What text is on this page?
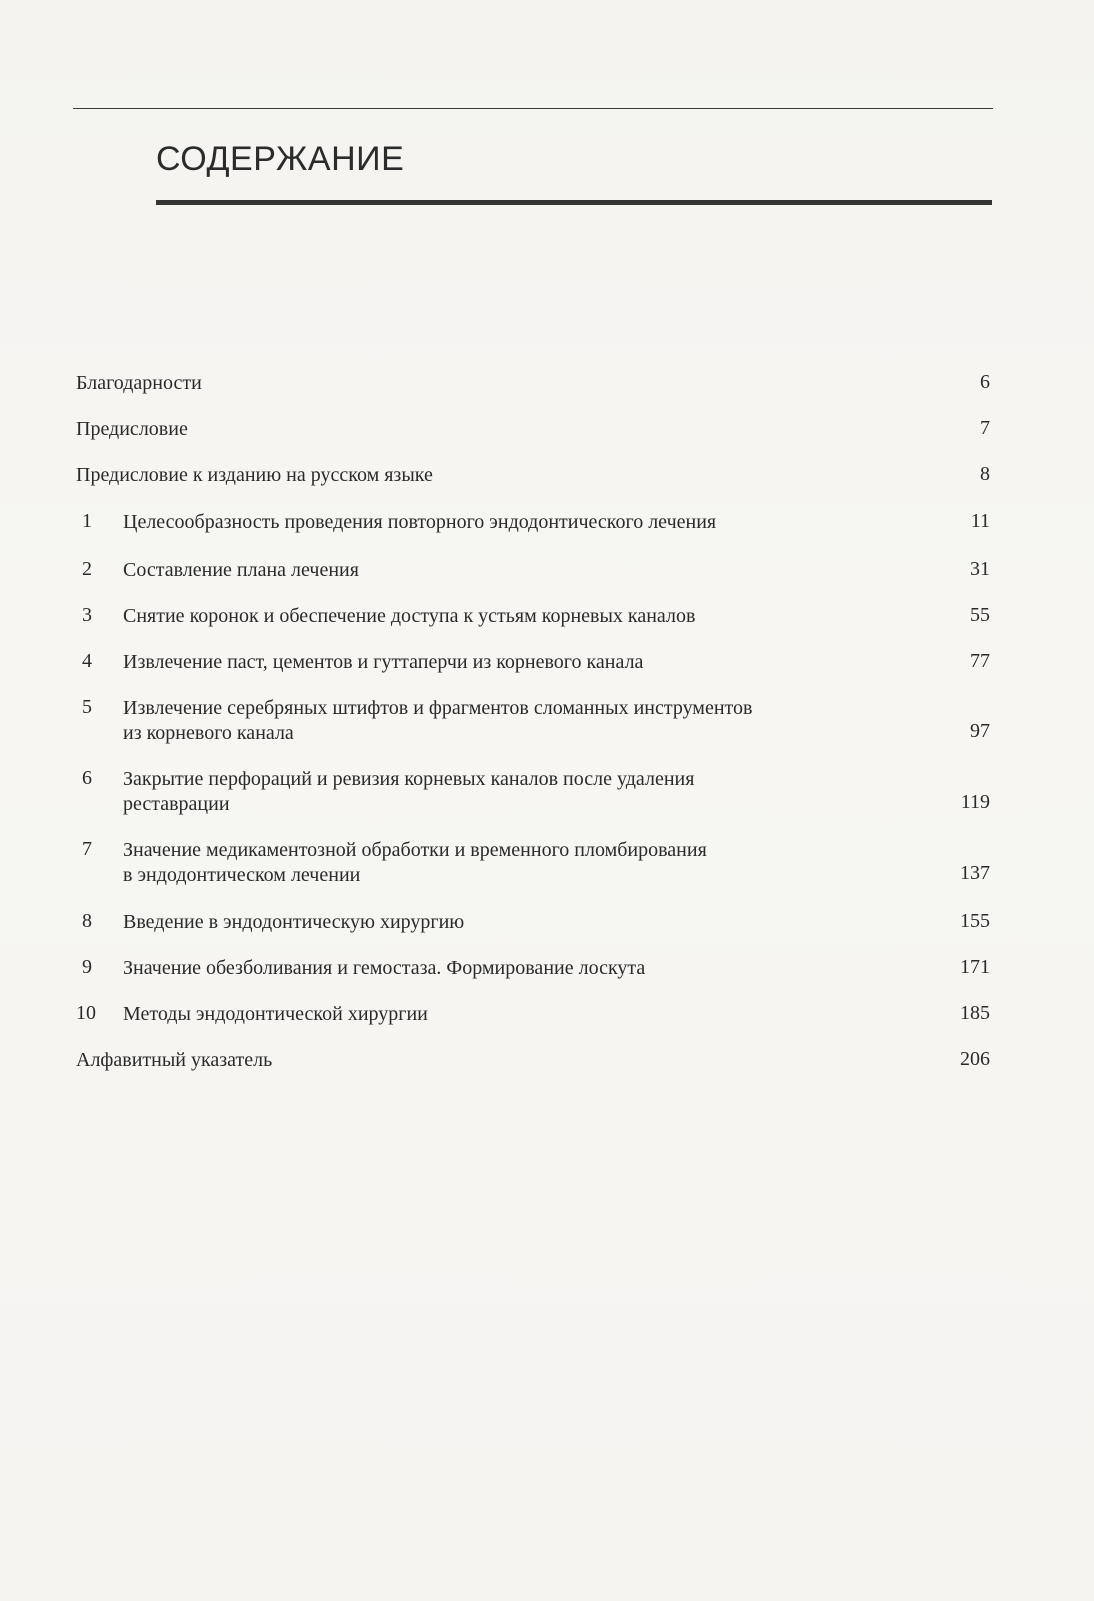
СОДЕРЖАНИЕ
Благодарности	6
Предисловие	7
Предисловие к изданию на русском языке	8
1 Целесообразность проведения повторного эндодонтического лечения	11
2 Составление плана лечения	31
3 Снятие коронок и обеспечение доступа к устьям корневых каналов	55
4 Извлечение паст, цементов и гуттаперчи из корневого канала	77
5 Извлечение серебряных штифтов и фрагментов сломанных инструментов
из корневого канала	97
6 Закрытие перфораций и ревизия корневых каналов после удаления
реставрации	119
7 Значение медикаментозной обработки и временного пломбирования
в эндодонтическом лечении	137
8 Введение в эндодонтическую хирургию	155
9 Значение обезболивания и гемостаза. Формирование лоскута	171
10 Методы эндодонтической хирургии	185
Алфавитный указатель	206
